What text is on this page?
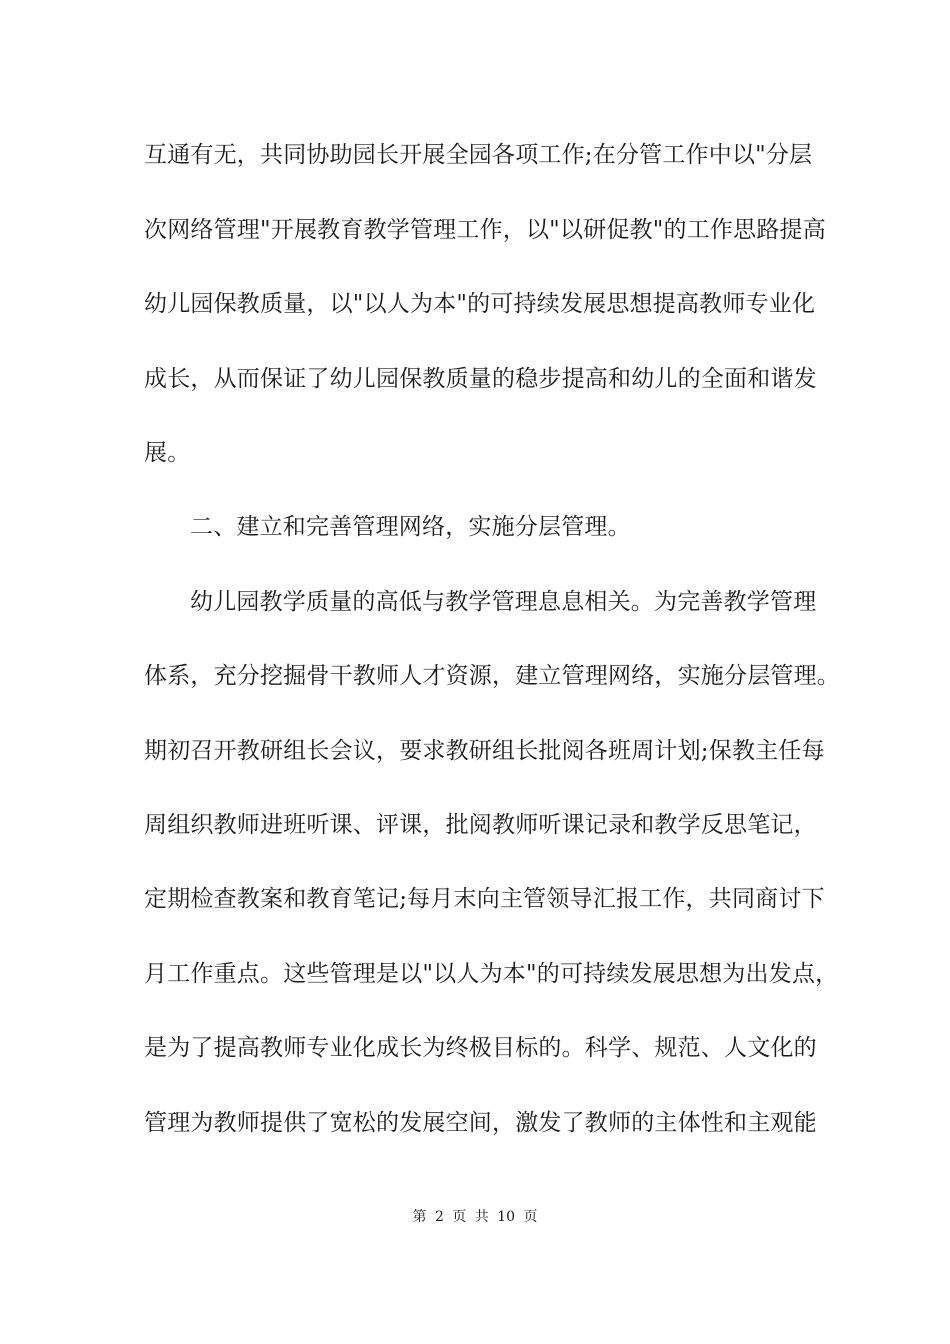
互通有无，共同协助园长开展全园各项工作;在分管工作中以"分层
次网络管理"开展教育教学管理工作，以"以研促教"的工作思路提高
幼儿园保教质量，以"以人为本"的可持续发展思想提高教师专业化
成长，从而保证了幼儿园保教质量的稳步提高和幼儿的全面和谐发
展。
二、建立和完善管理网络，实施分层管理。
幼儿园教学质量的高低与教学管理息息相关。为完善教学管理
体系，充分挖掘骨干教师人才资源，建立管理网络，实施分层管理。
期初召开教研组长会议，要求教研组长批阅各班周计划;保教主任每
周组织教师进班听课、评课，批阅教师听课记录和教学反思笔记，
定期检查教案和教育笔记;每月末向主管领导汇报工作，共同商讨下
月工作重点。这些管理是以"以人为本"的可持续发展思想为出发点，
是为了提高教师专业化成长为终极目标的。科学、规范、人文化的
管理为教师提供了宽松的发展空间，激发了教师的主体性和主观能
第 2 页 共 10 页
